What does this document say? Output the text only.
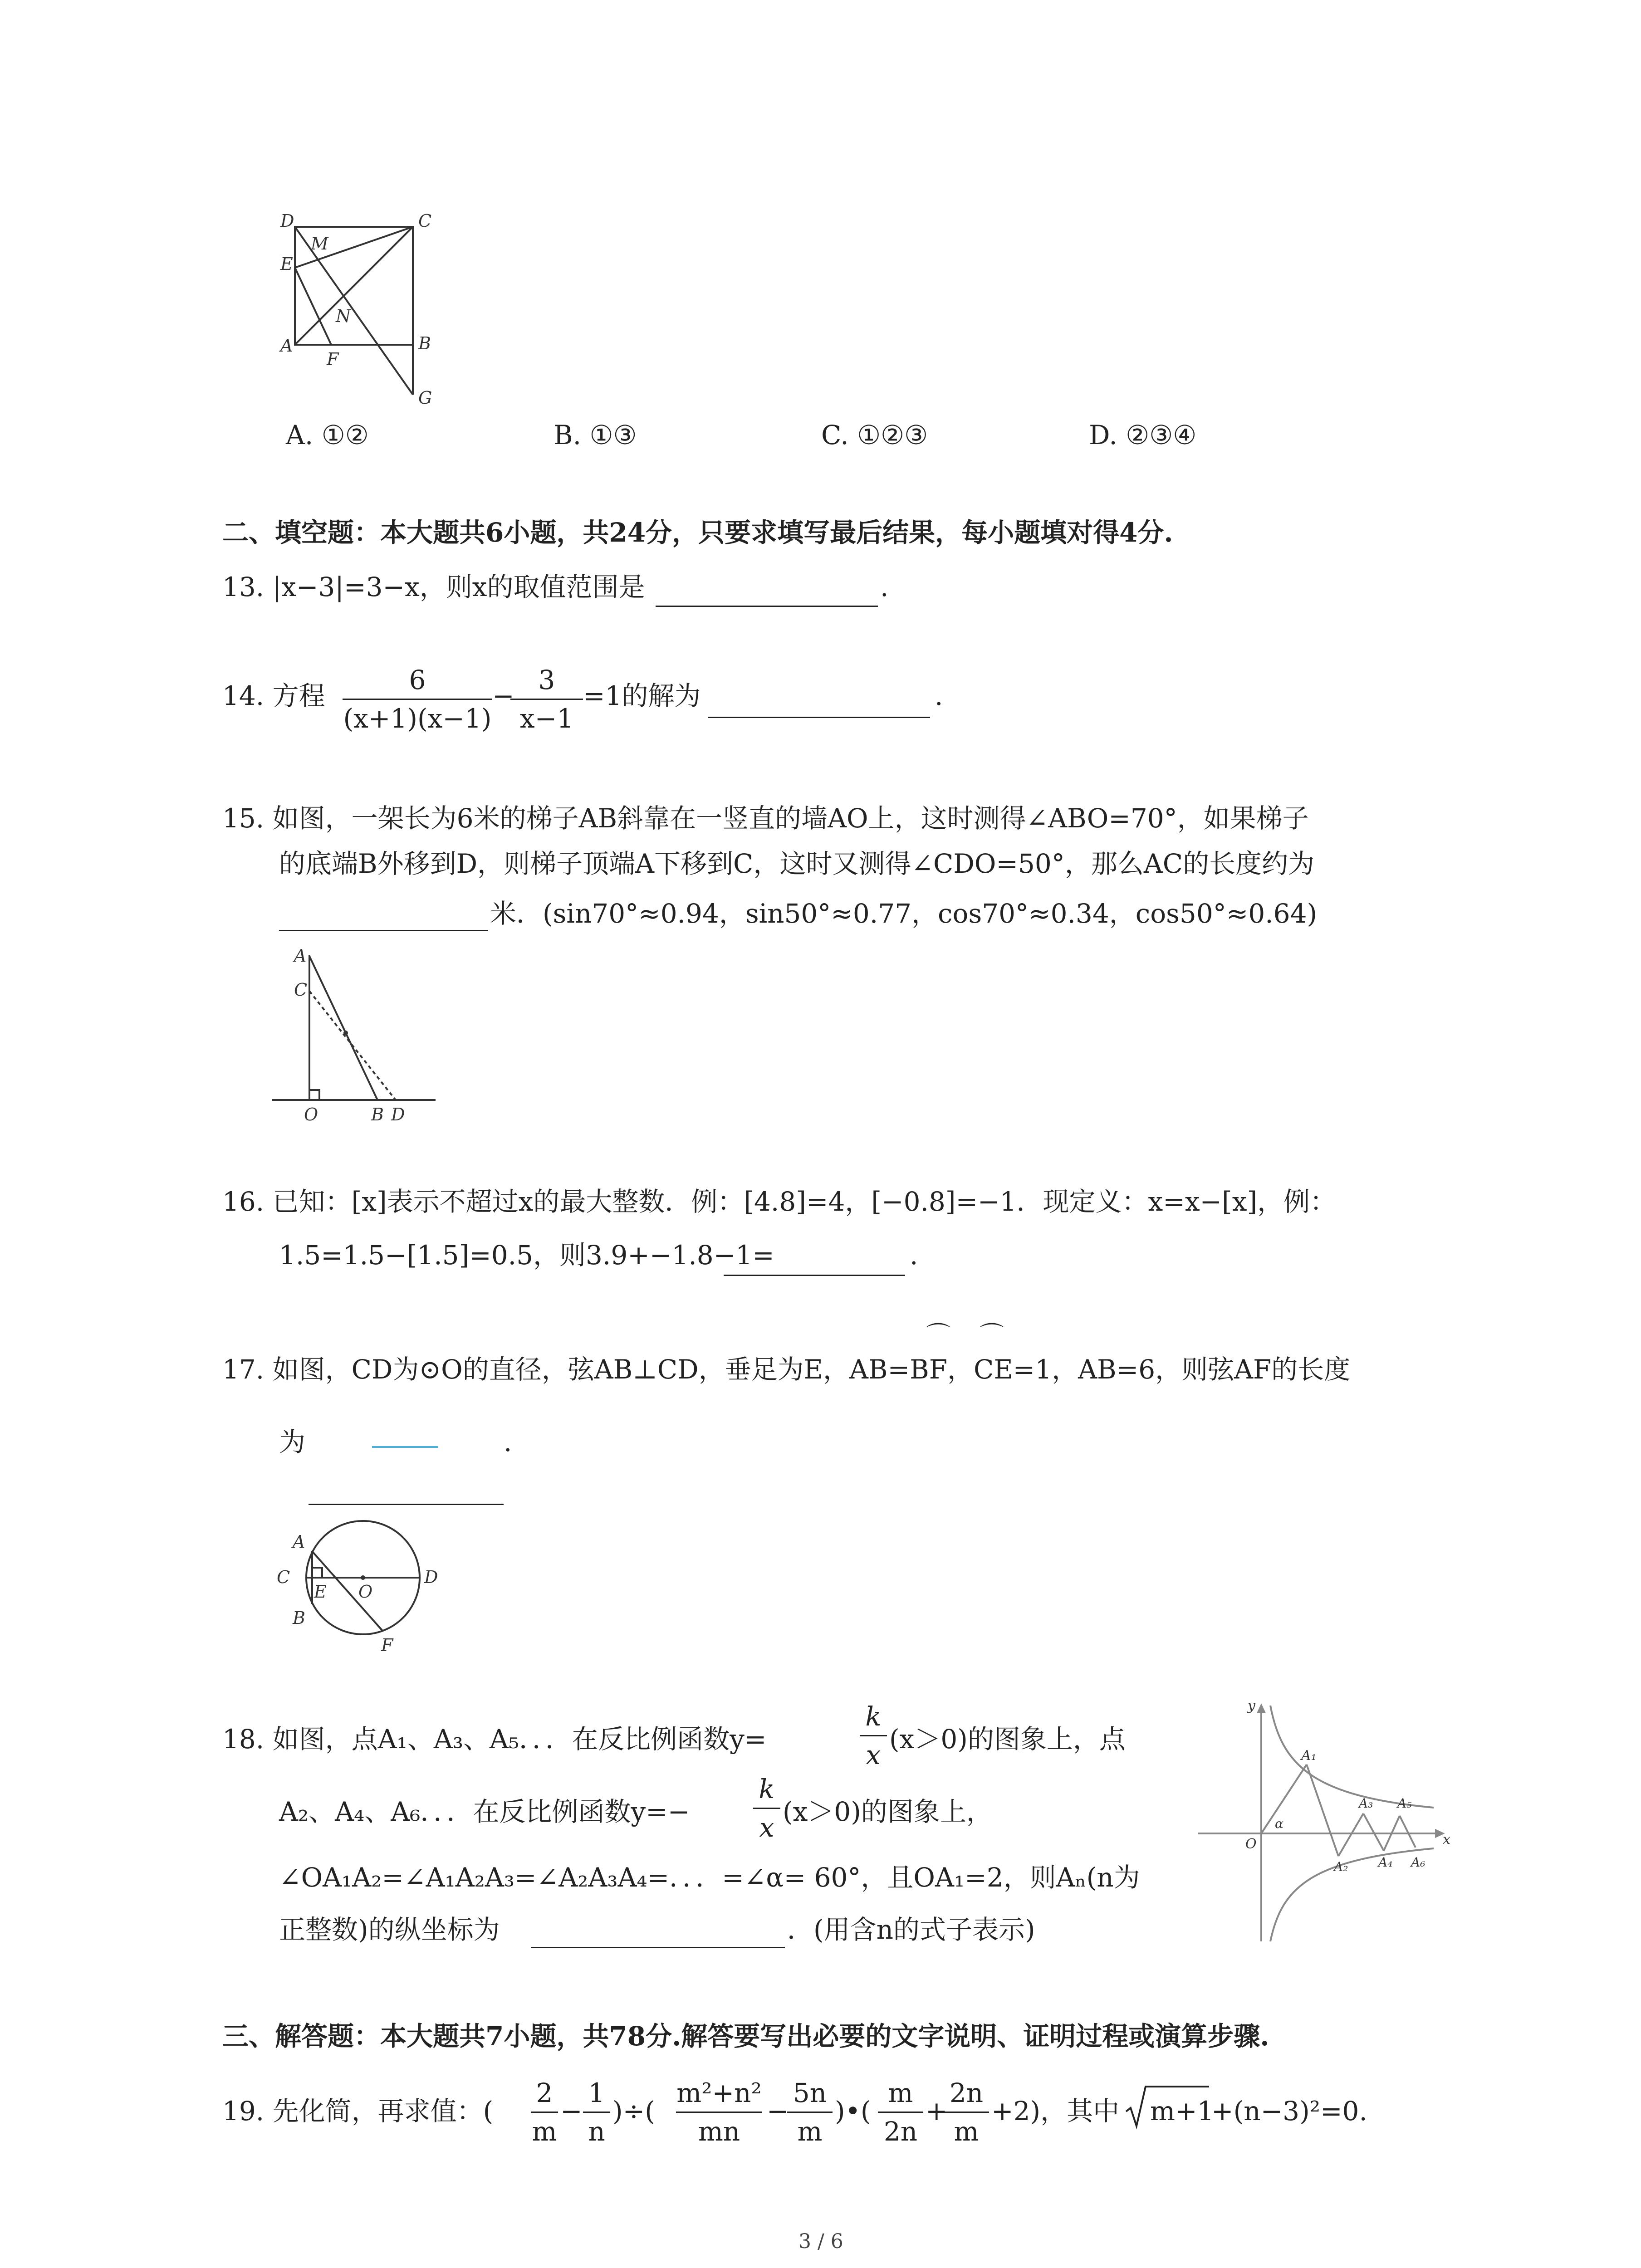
D
M
C
E
N
A
F
B
G
A. ①②	B. ①③	C. ①②③	D. ②③④
二、填空题：本大题共6小题，共24分，只要求填写最后结果，每小题填对得4分.
13. |x−3|=3−x，则x的取值范围是	.
14. 方程 $\frac{6}{(x+1)(x-1)}$ −
$\frac{3}{x-1} =1$的解为	.
15. 如图，一架长为6米的梯子AB斜靠在一竖直的墙AO上，这时测得∠ABO=70°，如果梯子
的底端B外移到D，则梯子顶端A下移到C，这时又测得∠CDO=50°，那么AC的长度约为
米．(sin70°≈0.94，sin50°≈0.77，cos70°≈0.34，cos50°≈0.64)
A
C
O	B D
16. 已知：[x]表示不超过x的最大整数．例：[4.8]=4，[−0.8]=−1．现定义：x=x−[x]，例：
1.5=1.5−[1.5]=0.5，则3.9+−1.8−1=	.
⌒ ⌒
17. 如图，CD为⊙O的直径，弦AB⊥CD，垂足为E，AB=BF，CE=1，AB=6，则弦AF的长度
为	.
A
C
E O
D
B
F
18. 如图，点A₁、A₃、A₅．．．在反比例函数y=	$\frac{k}{x} (x>0)$的图象上，点
A₂、A₄、A₆．．．在反比例函数$y=- \frac{k}{x} (x>0)$的图象上，
∠OA₁A₂=∠A₁A₂A₃=∠A₂A₃A₄=．．．=∠α= 60°，且OA₁=2，则Aₙ(n为
正整数)的纵坐标为	．(用含n的式子表示)
y
A₁
A₃ A₅
α
O	x
A₂ A₄ A₆
三、解答题：本大题共7小题，共78分.解答要写出必要的文字说明、证明过程或演算步骤.
19. 先化简，再求值：( $\frac{2}{m} - \frac{1}{n}$ )÷( $\frac{\text{m²+n²}}{mn}$ −
$\frac{5n}{m}$ )•( $\frac{m}{2n}$ +
$\frac{2n}{m} +2$)，其中 m+1
+(n−3)²=0.
3 / 6
